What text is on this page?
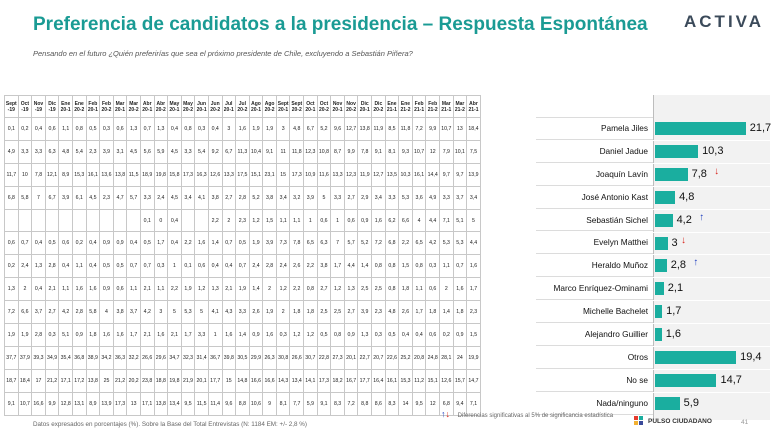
Preferencia de candidatos a la presidencia – Respuesta Espontánea
Pensando en el futuro ¿Quién preferirías que sea el próximo presidente de Chile, excluyendo a Sebastián Piñera?
ACTIVA
Sept -19	Oct -19	Nov -19	Dic -19	Ene 20-1	Ene 20-2	Feb 20-1	Feb 20-2	Mar 20-1	Mar 20-2	Abr 20-1	Abr 20-2	May 20-1	May 20-2	Jun 20-1	Jun 20-2	Jul 20-1	Jul 20-2	Ago 20-1	Ago 20-2	Sept 20-1	Sept 20-2	Oct 20-1	Oct 20-2	Nov 20-1	Nov 20-2	Dic 20-1	Dic 20-2	Ene 21-1	Ene 21-2	Feb 21-1	Feb 21-2	Mar 21-1	Mar 21-2	Abr 21-1
0,1	0,2	0,4	0,6	1,1	0,8	0,5	0,3	0,6	1,3	0,7	1,3	0,4	0,8	0,3	0,4	3	1,6	1,9	1,9	3	4,8	6,7	5,2	9,6	12,7	13,8	11,9	8,5	11,8	7,2	9,9	10,7	13	18,4
4,9	3,3	3,3	6,3	4,8	5,4	2,3	3,9	3,1	4,5	5,6	5,9	4,5	3,3	5,4	9,2	6,7	11,3	10,4	9,1	11	11,8	12,3	10,8	8,7	9,9	7,8	9,1	8,1	9,3	10,7	12	7,9	10,1	7,5
11,7	10	7,8	12,1	8,9	15,3	16,1	13,6	13,8	11,5	18,9	19,8	15,8	17,3	16,3	12,6	13,3	17,5	15,1	23,1	15	17,3	10,9	11,6	13,3	12,3	11,9	12,7	13,5	10,3	16,1	14,4	9,7	9,7	13,9
6,8	5,8	7	6,7	3,9	6,1	4,5	2,3	4,7	5,7	3,3	2,4	4,5	3,4	4,1	3,8	2,7	2,8	5,2	3,8	3,4	3,2	3,9	5	3,3	2,7	2,9	3,4	3,3	5,3	3,6	4,9	3,3	3,7	3,4
										0,1	0	0,4			2,2	2	2,3	1,2	1,5	1,1	1,1	1	0,6	1	0,6	0,9	1,6	6,2	6,6	4	4,4	7,1	5,1	5
0,6	0,7	0,4	0,5	0,6	0,2	0,4	0,9	0,9	0,4	0,5	1,7	0,4	2,2	1,6	1,4	0,7	0,5	1,9	3,9	7,3	7,8	6,5	6,3	7	5,7	5,2	7,2	6,8	2,2	6,5	4,2	5,3	5,3	4,4
0,2	2,4	1,3	2,8	0,4	1,1	0,4	0,5	0,5	0,7	0,7	0,3	1	0,1	0,6	0,4	0,4	0,7	2,4	2,8	2,4	2,6	2,2	3,8	1,7	4,4	1,4	0,8	0,8	1,5	0,8	0,3	1,1	0,7	1,6
1,3	2	0,4	2,1	1,1	1,6	1,6	0,9	0,6	1,1	2,1	1,1	2,2	1,9	1,2	1,3	2,1	1,9	1,4	2	1,2	2,2	0,8	2,7	1,2	1,3	2,5	2,5	0,8	1,8	1,1	0,6	2	1,6	1,7
7,2	6,6	3,7	2,7	4,2	2,8	5,8	4	3,8	3,7	4,2	3	5	5,3	5	4,1	4,3	3,3	2,6	1,9	2	1,8	1,8	2,5	2,5	2,7	3,9	2,3	4,8	2,6	1,7	1,8	1,4	1,8	2,3
1,9	1,9	2,8	0,3	5,1	0,9	1,8	1,6	1,6	1,7	2,1	1,6	2,1	1,7	3,3	1	1,6	1,4	0,9	1,6	0,3	1,2	1,2	0,5	0,8	0,9	1,3	0,3	0,5	0,4	0,4	0,6	0,2	0,9	1,5
37,7	37,9	39,3	34,9	35,4	36,8	38,9	34,2	36,3	32,2	26,6	29,6	34,7	32,3	31,4	36,7	39,8	30,5	29,9	26,3	30,8	26,6	30,7	22,8	27,3	20,1	22,7	20,7	22,6	25,2	20,8	24,8	28,1	24	19,9
18,7	18,4	17	21,2	17,1	17,2	13,8	25	21,2	20,2	23,8	18,8	19,8	21,9	20,1	17,7	15	14,8	16,6	16,6	14,3	13,4	14,1	17,3	18,2	16,7	17,7	16,4	16,1	15,3	11,2	15,1	12,6	15,7	14,7
9,1	10,7	16,6	9,9	12,8	13,1	8,9	13,9	17,3	13	17,1	13,8	13,4	9,5	11,5	11,4	9,6	8,8	10,6	9	8,1	7,7	5,9	9,1	8,3	7,2	8,8	8,6	8,3	14	9,5	12	6,8	9,4	7,1
21,7
10,3
7,8 ↓
4,8
4,2 ↑
3 ↓
2,8 ↑
2,1
1,7
1,6
19,4
14,7
5,9
Pamela Jiles
Daniel Jadue
Joaquín Lavín
José Antonio Kast
Sebastián Sichel
Evelyn Matthei
Heraldo Muñoz
Marco Enríquez-Ominami
Michelle Bachelet
Alejandro Guillier
Otros
No se
Nada/ninguno
↑↓ Diferencias significativas al 5% de significancia estadística
Datos expresados en porcentajes (%). Sobre la Base del Total Entrevistas (N: 1184 EM: +/- 2,8 %)	PULSO CIUDADANO	41
